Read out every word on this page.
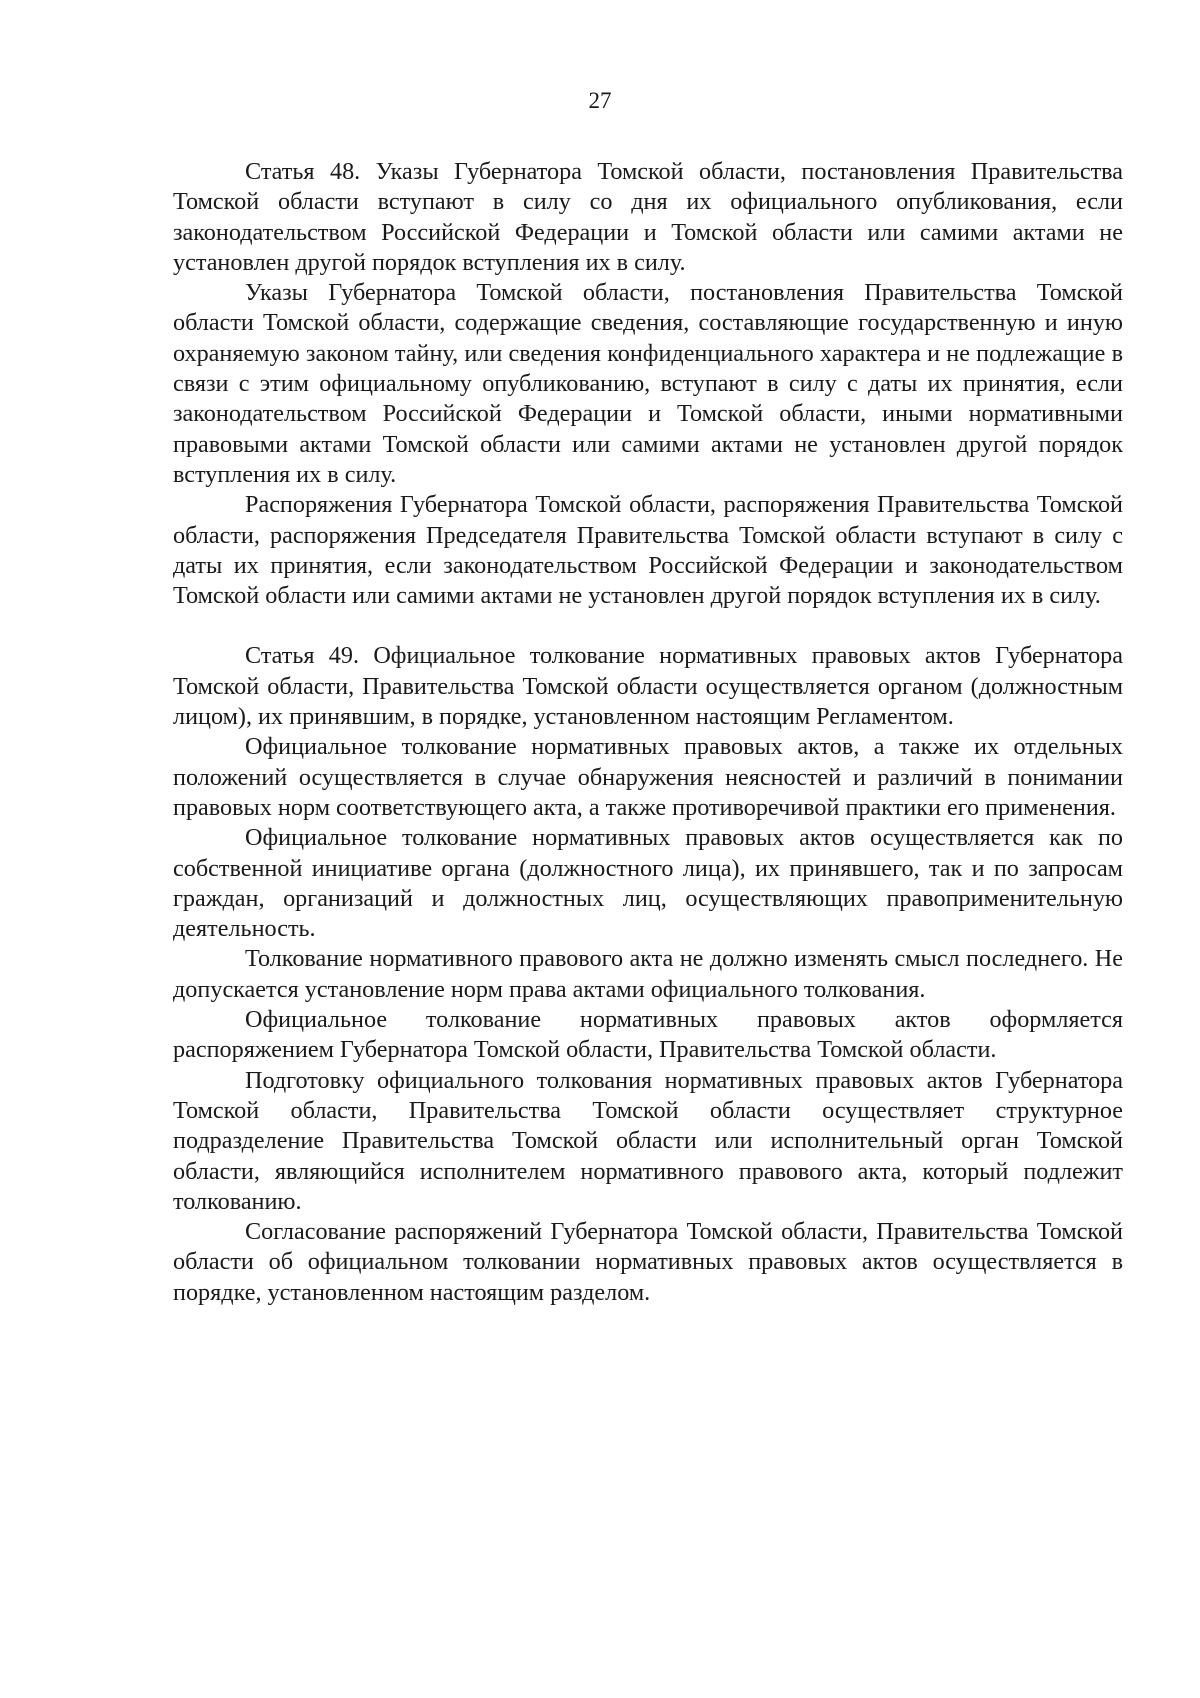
27

Статья 48. Указы Губернатора Томской области, постановления Правительства Томской области вступают в силу со дня их официального опубликования, если законодательством Российской Федерации и Томской области или самими актами не установлен другой порядок вступления их в силу.

Указы Губернатора Томской области, постановления Правительства Томской области Томской области, содержащие сведения, составляющие государственную и иную охраняемую законом тайну, или сведения конфиденциального характера и не подлежащие в связи с этим официальному опубликованию, вступают в силу с даты их принятия, если законодательством Российской Федерации и Томской области, иными нормативными правовыми актами Томской области или самими актами не установлен другой порядок вступления их в силу.

Распоряжения Губернатора Томской области, распоряжения Правительства Томской области, распоряжения Председателя Правительства Томской области вступают в силу с даты их принятия, если законодательством Российской Федерации и законодательством Томской области или самими актами не установлен другой порядок вступления их в силу.

Статья 49. Официальное толкование нормативных правовых актов Губернатора Томской области, Правительства Томской области осуществляется органом (должностным лицом), их принявшим, в порядке, установленном настоящим Регламентом.

Официальное толкование нормативных правовых актов, а также их отдельных положений осуществляется в случае обнаружения неясностей и различий в понимании правовых норм соответствующего акта, а также противоречивой практики его применения.

Официальное толкование нормативных правовых актов осуществляется как по собственной инициативе органа (должностного лица), их принявшего, так и по запросам граждан, организаций и должностных лиц, осуществляющих правоприменительную деятельность.

Толкование нормативного правового акта не должно изменять смысл последнего. Не допускается установление норм права актами официального толкования.

Официальное толкование нормативных правовых актов оформляется распоряжением Губернатора Томской области, Правительства Томской области.

Подготовку официального толкования нормативных правовых актов Губернатора Томской области, Правительства Томской области осуществляет структурное подразделение Правительства Томской области или исполнительный орган Томской области, являющийся исполнителем нормативного правового акта, который подлежит толкованию.

Согласование распоряжений Губернатора Томской области, Правительства Томской области об официальном толковании нормативных правовых актов осуществляется в порядке, установленном настоящим разделом.
